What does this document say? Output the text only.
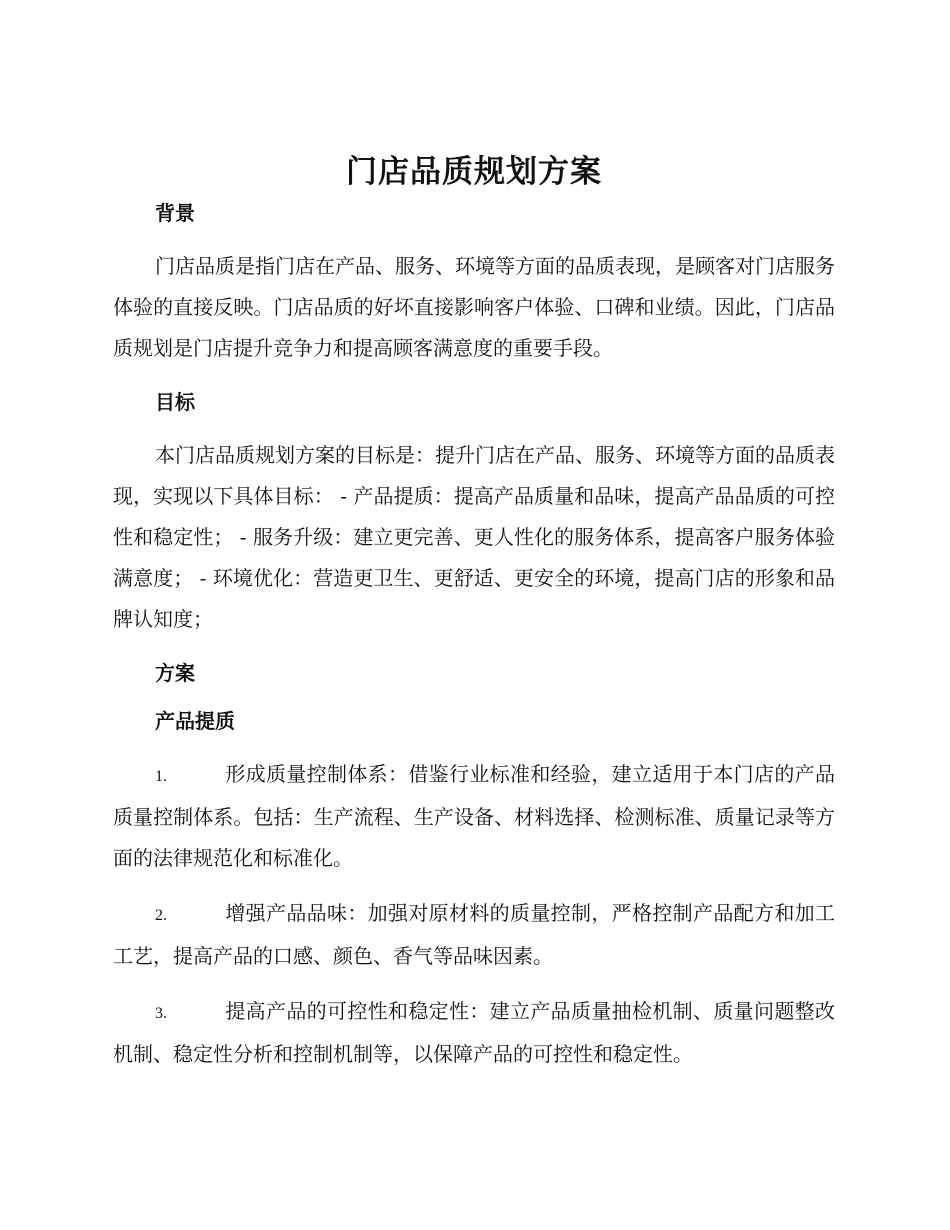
门店品质规划方案
背景

门店品质是指门店在产品、服务、环境等方面的品质表现，是顾客对门店服务体验的直接反映。门店品质的好坏直接影响客户体验、口碑和业绩。因此，门店品质规划是门店提升竞争力和提高顾客满意度的重要手段。

目标

本门店品质规划方案的目标是：提升门店在产品、服务、环境等方面的品质表现，实现以下具体目标： - 产品提质：提高产品质量和品味，提高产品品质的可控性和稳定性； - 服务升级：建立更完善、更人性化的服务体系，提高客户服务体验满意度； - 环境优化：营造更卫生、更舒适、更安全的环境，提高门店的形象和品牌认知度；

方案
产品提质

1.	形成质量控制体系：借鉴行业标准和经验，建立适用于本门店的产品质量控制体系。包括：生产流程、生产设备、材料选择、检测标准、质量记录等方面的法律规范化和标准化。

2.	增强产品品味：加强对原材料的质量控制，严格控制产品配方和加工工艺，提高产品的口感、颜色、香气等品味因素。

3.	提高产品的可控性和稳定性：建立产品质量抽检机制、质量问题整改机制、稳定性分析和控制机制等，以保障产品的可控性和稳定性。
